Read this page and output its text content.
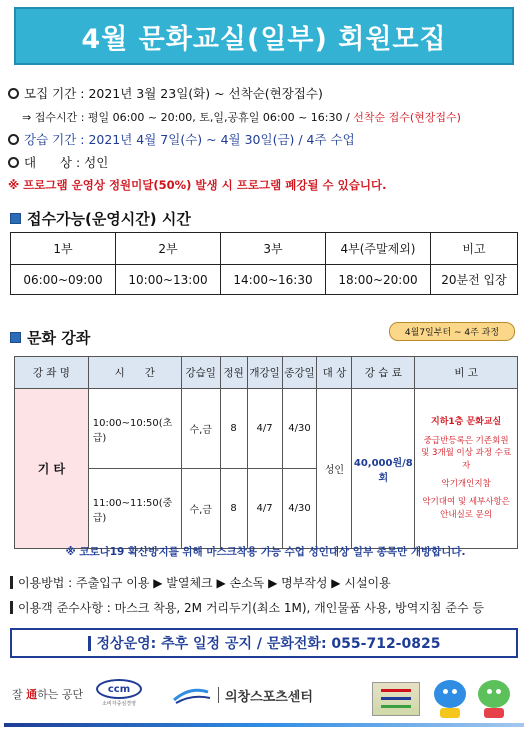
4월 문화교실(일부) 회원모집
모집 기간 : 2021년 3월 23일(화) ~ 선착순(현장접수)
⇒ 접수시간 : 평일 06:00 ~ 20:00, 토,일,공휴일 06:00 ~ 16:30 / 선착순 접수(현장접수)
강습 기간 : 2021년 4월 7일(수) ~ 4월 30일(금) / 4주 수업
대      상 : 성인
※ 프로그램 운영상 정원미달(50%) 발생 시 프로그램 폐강될 수 있습니다.
접수가능(운영시간) 시간
1부	2부	3부	4부(주말제외)	비고
06:00~09:00	10:00~13:00	14:00~16:30	18:00~20:00	20분전 입장
문화 강좌	4월7일부터 ~ 4주 과정
강 좌 명	시      간	강습일	정원	개강일	종강일	대 상	강 습 료	비 고
기 타	10:00~10:50(초급)	수,금	8	4/7	4/30	성인	40,000원/8회	지하1층 문화교실
중급반등록은 기존회원 및 3개월 이상 과정 수료자
악기개인지참
악기대여 및 세부사항은 안내실로 문의

	11:00~11:50(중급)	수,금	8	4/7	4/30			
※ 코로나19 확산방지를 위해 마스크착용 가능 수업 성인대상 일부 종목만 개방합니다.
이용방법 : 주출입구 이용 ▶ 발열체크 ▶ 손소독 ▶ 명부작성 ▶ 시설이용
이용객 준수사항 : 마스크 착용, 2M 거리두기(최소 1M), 개인물품 사용, 방역지침 준수 등
정상운영: 추후 일정 공지 / 문화전화: 055-712-0825
잘 通하는 공단	ccm
소비자중심경영	의창스포츠센터
